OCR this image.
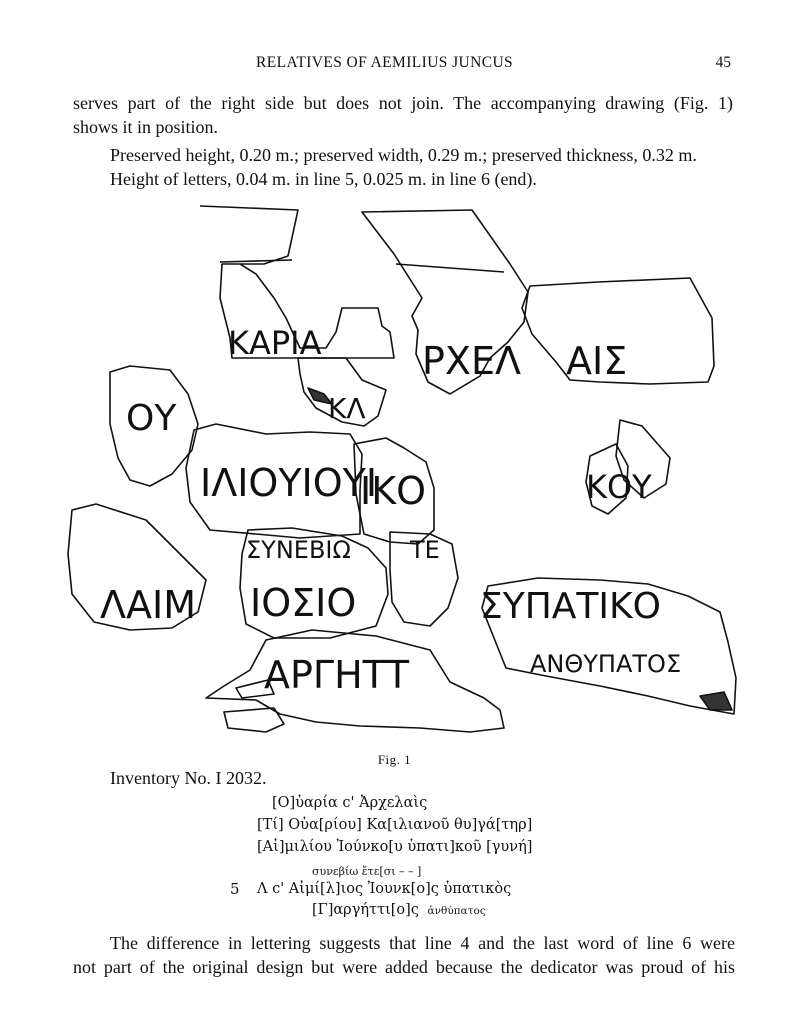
RELATIVES OF AEMILIUS JUNCUS	45
serves part of the right side but does not join. The accompanying drawing (Fig. 1)
shows it in position.
Preserved height, 0.20 m.; preserved width, 0.29 m.; preserved thickness, 0.32 m.
Height of letters, 0.04 m. in line 5, 0.025 m. in line 6 (end).
ΚΑΡΙΑ	ΡΧΕΛ ΑΙΣ
ΚΛ
ΟΥ
ΙΛΙΟΥΙΟΥΙ
ΙΚΟ	ΚΟΥ
ΣΥΝΕΒΙΩ ΤΕ
ΙΟΣΙΟ
ΛΑΙΜ	ΣΥΠΑΤΙΚΟ
ΑΝΘΥΠΑΤΟΣ
ΑΡΓΗΤΤ
Fig. 1
Inventory No. I 2032.
[Ο]ὐαρία ϲ' Ἀρχελαὶς
[Τί] Οὐα[ρίου] Κα[ιλιανοῦ θυ]γά[τηρ]
[Αἰ]μιλίου Ἰούνκο[υ ὑπατι]κοῦ [γυνή]
συνεβίω ἔτε[σι – – ]
5 Λ ϲ' Αἰμί[λ]ιος Ἰουνκ[ο]ς ὑπατικὸς
[Γ]αργήττι[ο]ς ἀνθύπατος
The difference in lettering suggests that line 4 and the last word of line 6 were
not part of the original design but were added because the dedicator was proud of his
